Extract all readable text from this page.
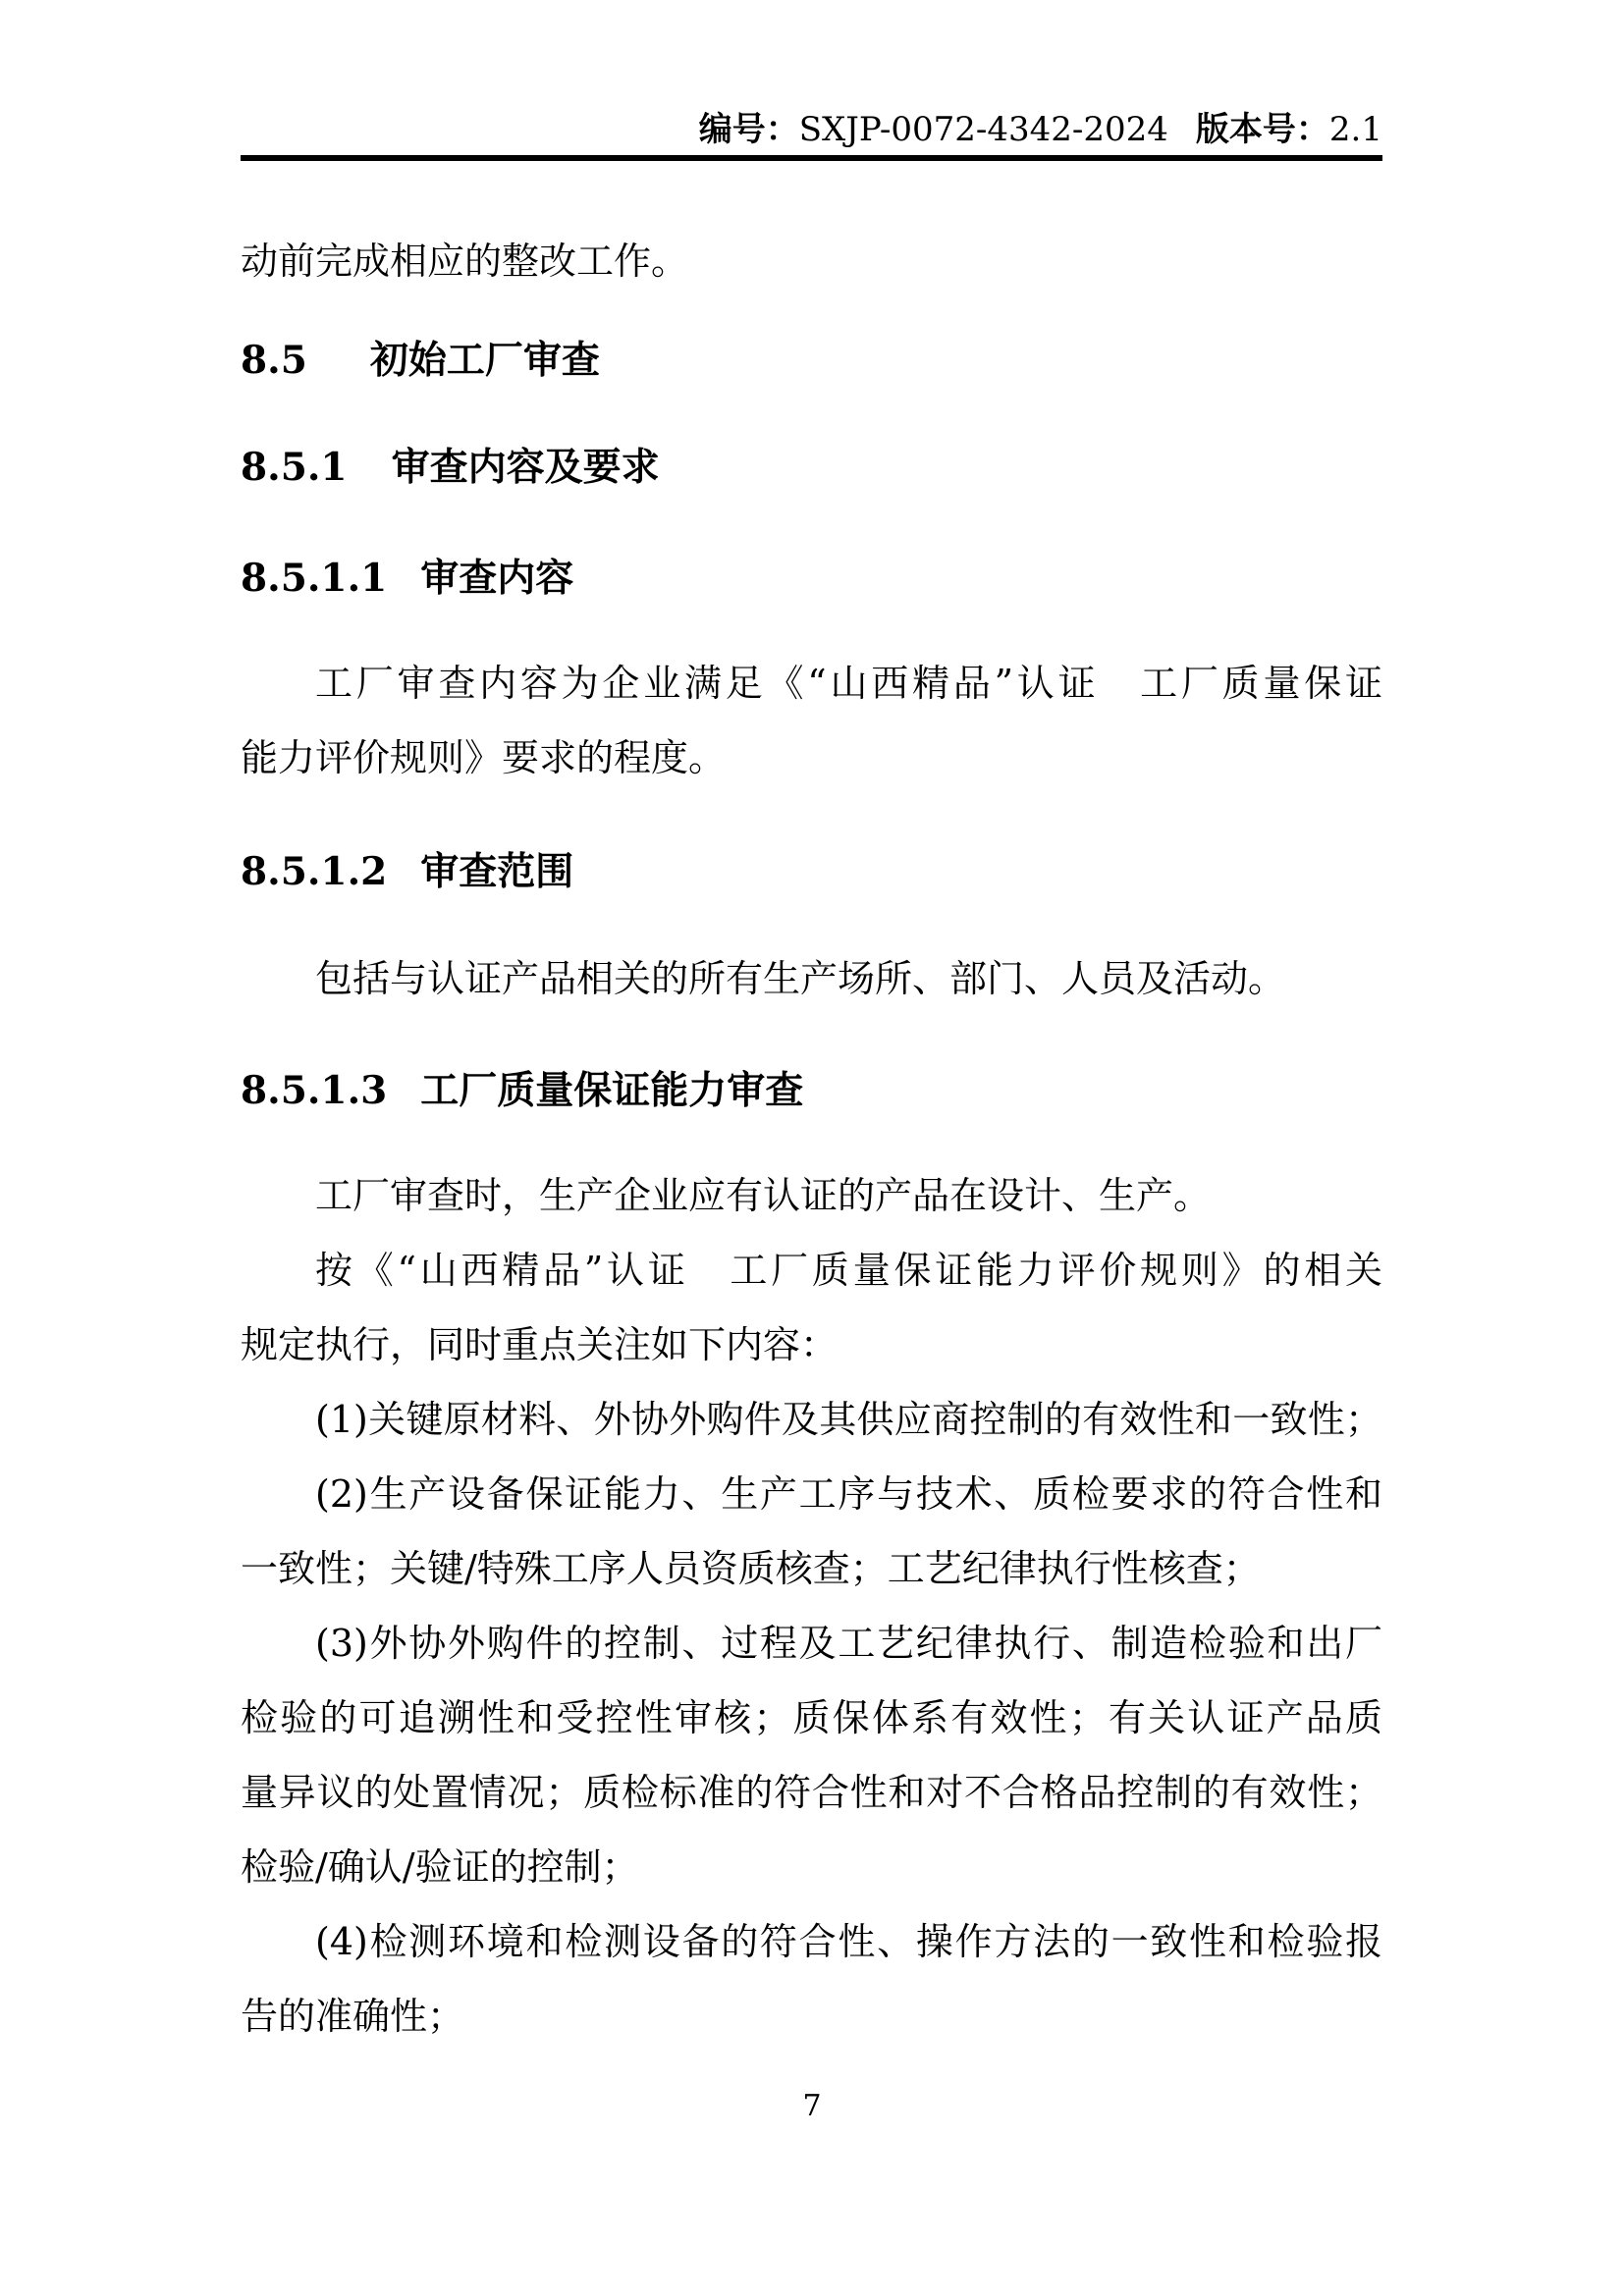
编号：SXJP-0072-4342-2024 版本号：2.1
动前完成相应的整改工作。
8.5 初始工厂审查
8.5.1 审查内容及要求
8.5.1.1 审查内容
工厂审查内容为企业满足《“山西精品”认证　工厂质量保证
能力评价规则》要求的程度。
8.5.1.2 审查范围
包括与认证产品相关的所有生产场所、部门、人员及活动。
8.5.1.3 工厂质量保证能力审查
工厂审查时，生产企业应有认证的产品在设计、生产。
按《“山西精品”认证　工厂质量保证能力评价规则》的相关
规定执行，同时重点关注如下内容：
(1)关键原材料、外协外购件及其供应商控制的有效性和一致性；
(2)生产设备保证能力、生产工序与技术、质检要求的符合性和
一致性；关键/特殊工序人员资质核查；工艺纪律执行性核查；
(3)外协外购件的控制、过程及工艺纪律执行、制造检验和出厂
检验的可追溯性和受控性审核；质保体系有效性；有关认证产品质
量异议的处置情况；质检标准的符合性和对不合格品控制的有效性；
检验/确认/验证的控制；
(4)检测环境和检测设备的符合性、操作方法的一致性和检验报
告的准确性；
7
